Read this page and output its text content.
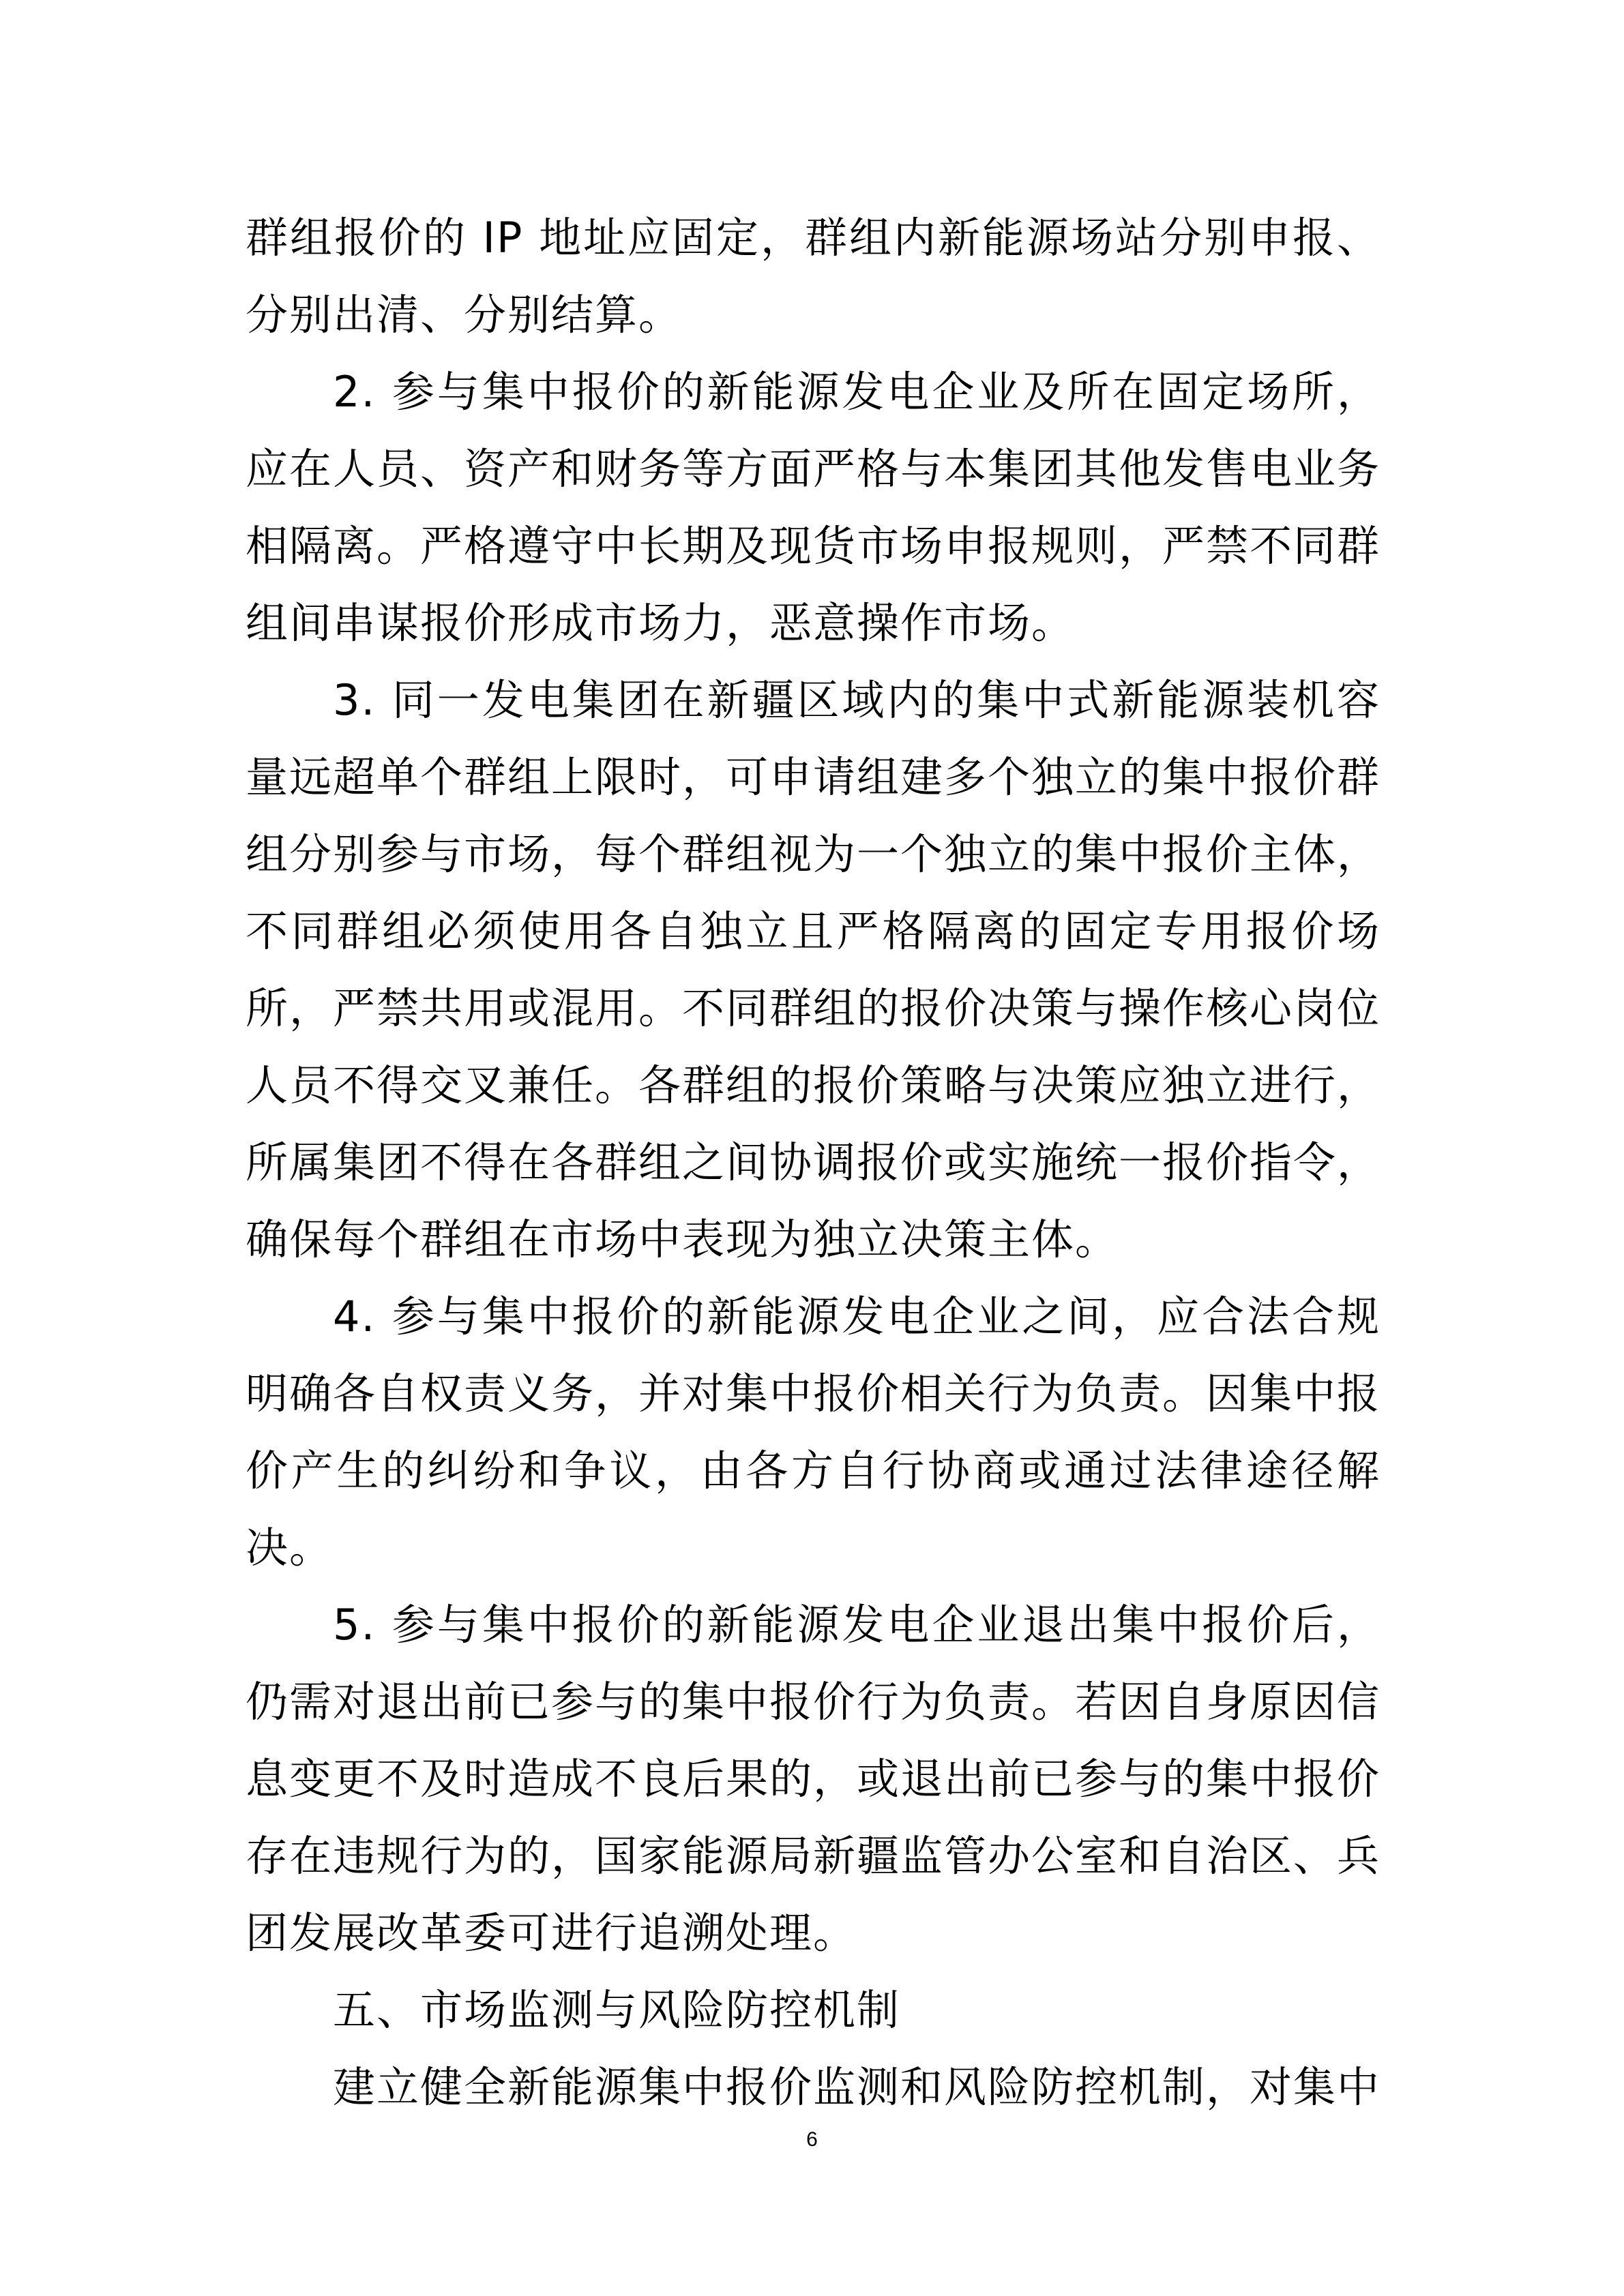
群组报价的 IP 地址应固定，群组内新能源场站分别申报、分别出清、分别结算。

2. 参与集中报价的新能源发电企业及所在固定场所，应在人员、资产和财务等方面严格与本集团其他发售电业务相隔离。严格遵守中长期及现货市场申报规则，严禁不同群组间串谋报价形成市场力，恶意操作市场。

3. 同一发电集团在新疆区域内的集中式新能源装机容量远超单个群组上限时，可申请组建多个独立的集中报价群组分别参与市场，每个群组视为一个独立的集中报价主体，不同群组必须使用各自独立且严格隔离的固定专用报价场所，严禁共用或混用。不同群组的报价决策与操作核心岗位人员不得交叉兼任。各群组的报价策略与决策应独立进行，所属集团不得在各群组之间协调报价或实施统一报价指令，确保每个群组在市场中表现为独立决策主体。

4. 参与集中报价的新能源发电企业之间，应合法合规明确各自权责义务，并对集中报价相关行为负责。因集中报价产生的纠纷和争议，由各方自行协商或通过法律途径解决。

5. 参与集中报价的新能源发电企业退出集中报价后，仍需对退出前已参与的集中报价行为负责。若因自身原因信息变更不及时造成不良后果的，或退出前已参与的集中报价存在违规行为的，国家能源局新疆监管办公室和自治区、兵团发展改革委可进行追溯处理。

五、市场监测与风险防控机制

建立健全新能源集中报价监测和风险防控机制，对集中

6
